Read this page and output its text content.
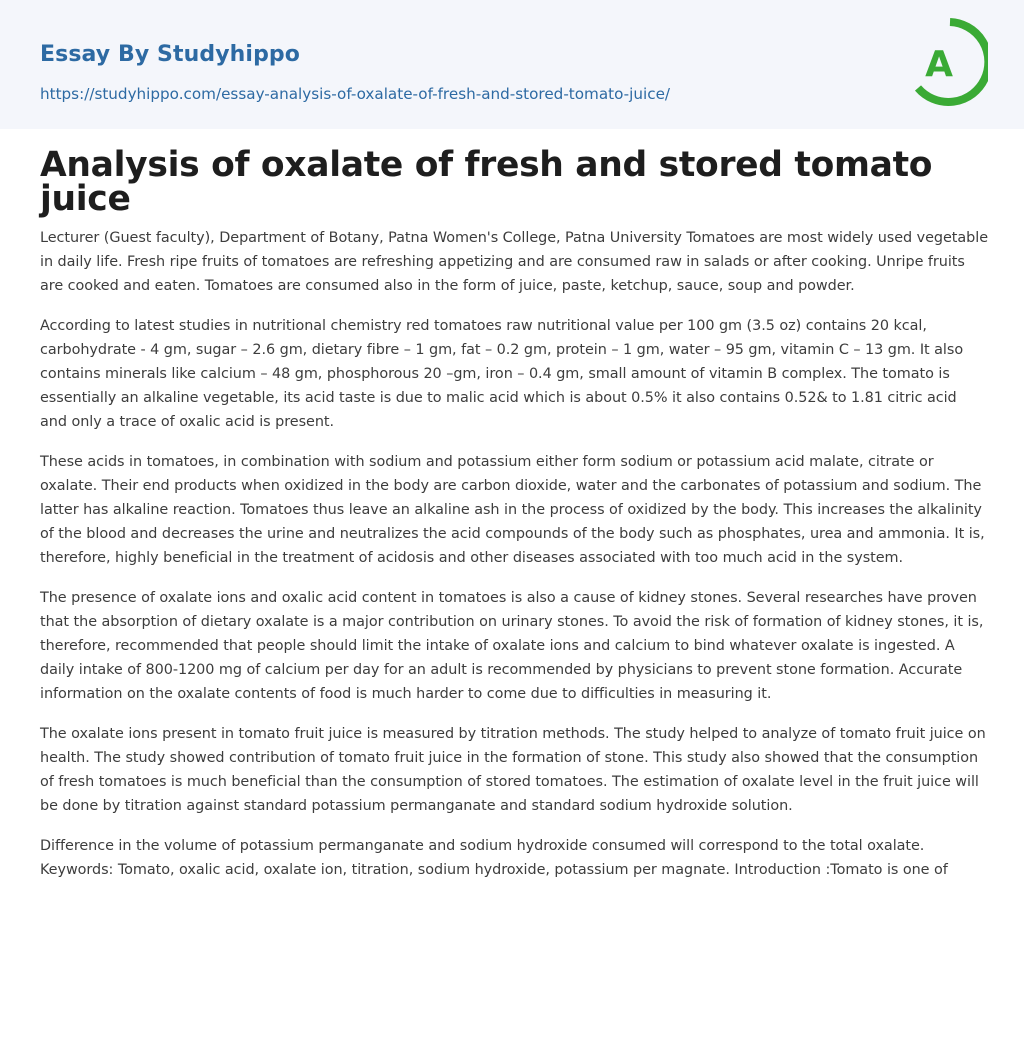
Essay By Studyhippo
https://studyhippo.com/essay-analysis-of-oxalate-of-fresh-and-stored-tomato-juice/
A
Analysis of oxalate of fresh and stored tomato juice

Lecturer (Guest faculty), Department of Botany, Patna Women's College, Patna University Tomatoes are most widely used vegetable in daily life. Fresh ripe fruits of tomatoes are refreshing appetizing and are consumed raw in salads or after cooking. Unripe fruits are cooked and eaten. Tomatoes are consumed also in the form of juice, paste, ketchup, sauce, soup and powder.

According to latest studies in nutritional chemistry red tomatoes raw nutritional value per 100 gm (3.5 oz) contains 20 kcal, carbohydrate - 4 gm, sugar – 2.6 gm, dietary fibre – 1 gm, fat – 0.2 gm, protein – 1 gm, water – 95 gm, vitamin C – 13 gm. It also contains minerals like calcium – 48 gm, phosphorous 20 –gm, iron – 0.4 gm, small amount of vitamin B complex. The tomato is essentially an alkaline vegetable, its acid taste is due to malic acid which is about 0.5% it also contains 0.52& to 1.81 citric acid and only a trace of oxalic acid is present.

These acids in tomatoes, in combination with sodium and potassium either form sodium or potassium acid malate, citrate or oxalate. Their end products when oxidized in the body are carbon dioxide, water and the carbonates of potassium and sodium. The latter has alkaline reaction. Tomatoes thus leave an alkaline ash in the process of oxidized by the body. This increases the alkalinity of the blood and decreases the urine and neutralizes the acid compounds of the body such as phosphates, urea and ammonia. It is, therefore, highly beneficial in the treatment of acidosis and other diseases associated with too much acid in the system.

The presence of oxalate ions and oxalic acid content in tomatoes is also a cause of kidney stones. Several researches have proven that the absorption of dietary oxalate is a major contribution on urinary stones. To avoid the risk of formation of kidney stones, it is, therefore, recommended that people should limit the intake of oxalate ions and calcium to bind whatever oxalate is ingested. A daily intake of 800-1200 mg of calcium per day for an adult is recommended by physicians to prevent stone formation. Accurate information on the oxalate contents of food is much harder to come due to difficulties in measuring it.

The oxalate ions present in tomato fruit juice is measured by titration methods. The study helped to analyze of tomato fruit juice on health. The study showed contribution of tomato fruit juice in the formation of stone. This study also showed that the consumption of fresh tomatoes is much beneficial than the consumption of stored tomatoes. The estimation of oxalate level in the fruit juice will be done by titration against standard potassium permanganate and standard sodium hydroxide solution.

Difference in the volume of potassium permanganate and sodium hydroxide consumed will correspond to the total oxalate. Keywords: Tomato, oxalic acid, oxalate ion, titration, sodium hydroxide, potassium per magnate. Introduction :Tomato is one of
